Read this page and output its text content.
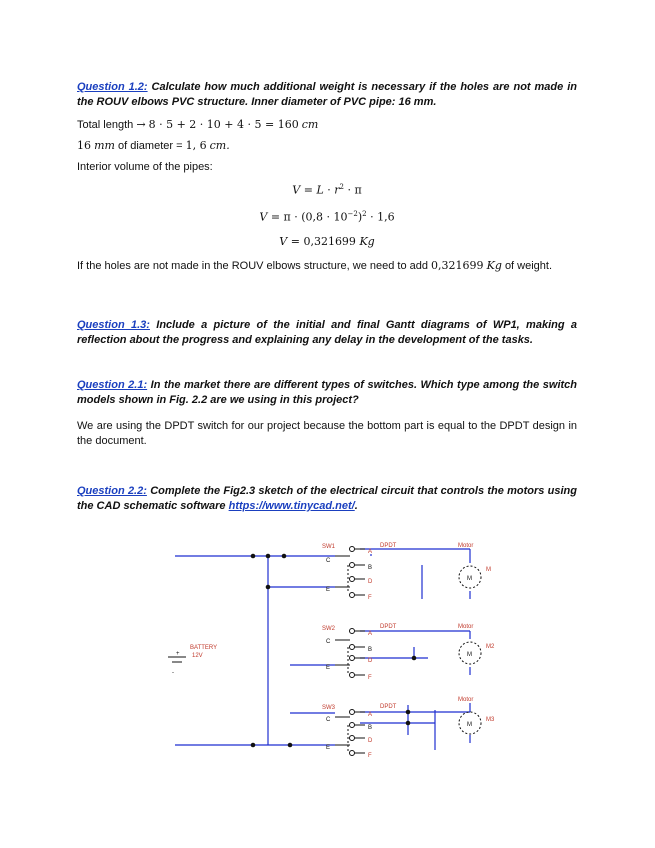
Question 1.2: Calculate how much additional weight is necessary if the holes are not made in the ROUV elbows PVC structure. Inner diameter of PVC pipe: 16 mm.
Total length → 8 · 5 + 2 · 10 + 4 · 5 = 160 cm
16 mm of diameter = 1, 6 cm.
Interior volume of the pipes:
$V = L \cdot r^2 \cdot \pi$
$V = \pi \cdot (0,8 \cdot 10^{-2})^2 \cdot 1,6$
V = 0,321699 Kg
If the holes are not made in the ROUV elbows structure, we need to add 0,321699 Kg of weight.
Question 1.3: Include a picture of the initial and final Gantt diagrams of WP1, making a reflection about the progress and explaining any delay in the development of the tasks.
Question 2.1: In the market there are different types of switches. Which type among the switch models shown in Fig. 2.2 are we using in this project?
We are using the DPDT switch for our project because the bottom part is equal to the DPDT design in the document.
Question 2.2: Complete the Fig2.3 sketch of the electrical circuit that controls the motors using the CAD schematic software https://www.tinycad.net/.
SW1
SW2
SW3
DPDT
DPDT
DPDT
Motor
Motor
Motor
M
M2
M3
M
M
M
A
B
D
F
C
E
A
B
D
F
C
E
A
B
D
F
C
E
BATTERY
12V
+
-
